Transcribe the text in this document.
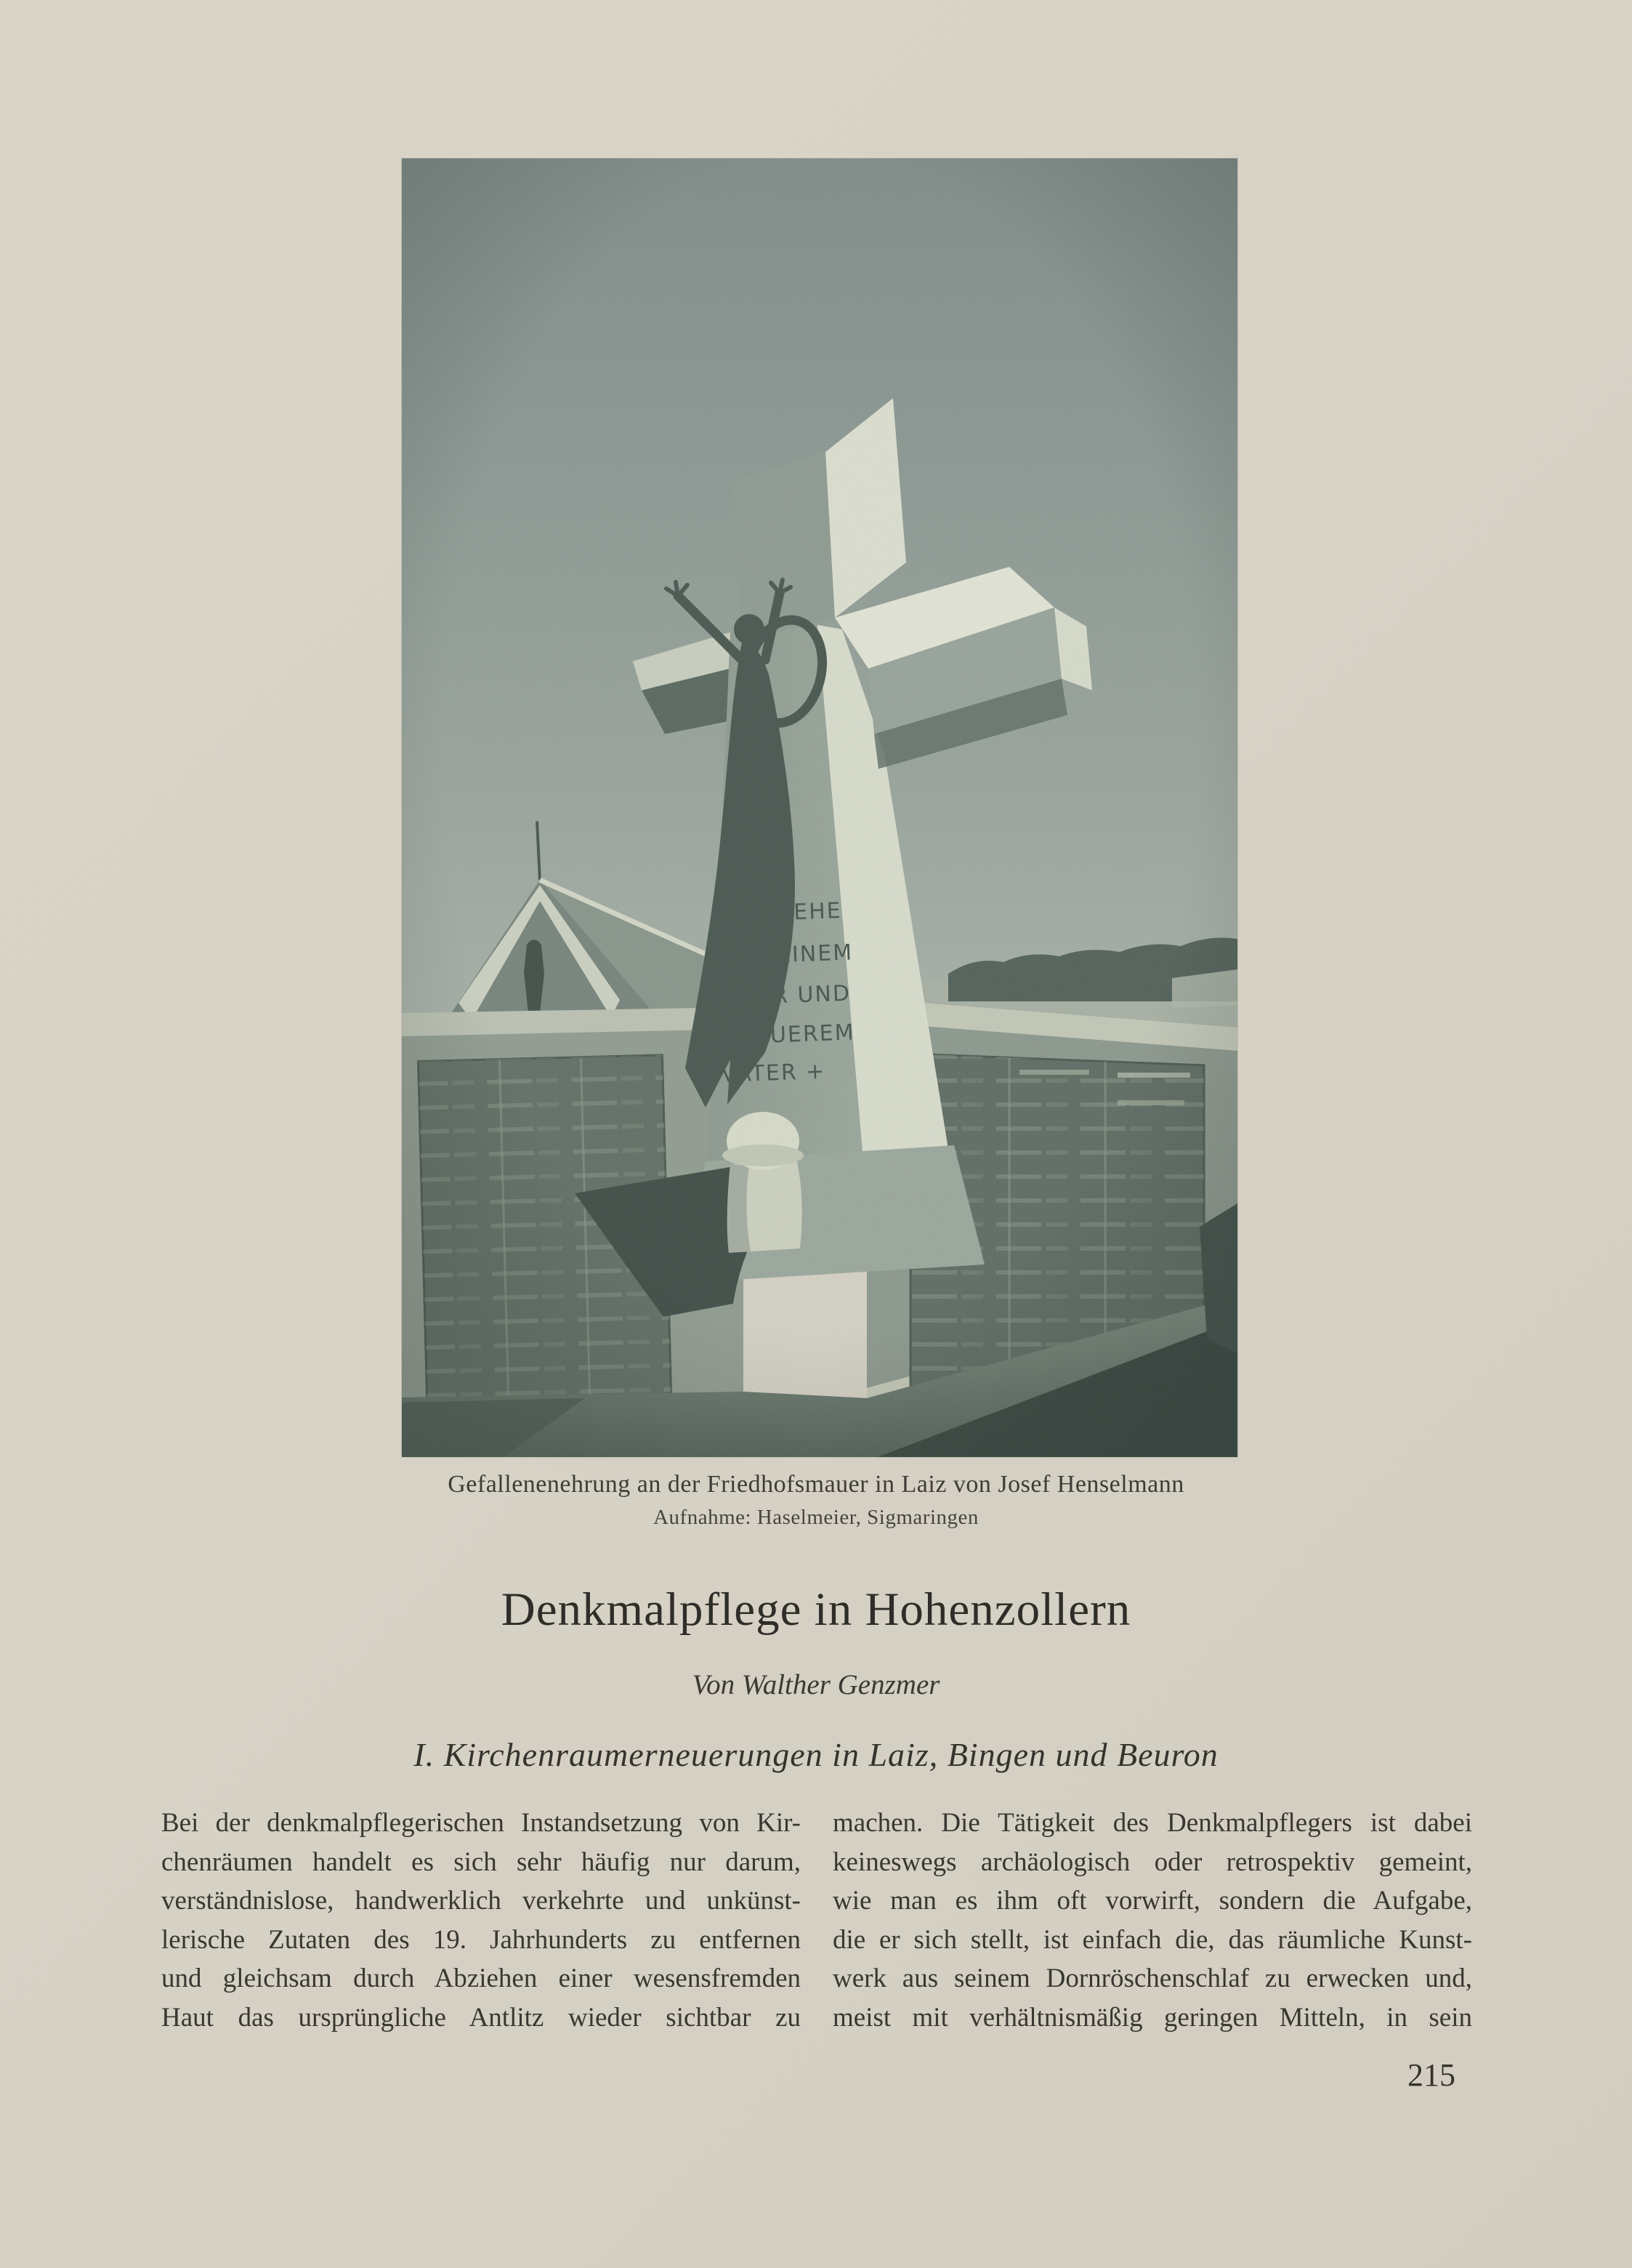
Gefallenenehrung an der Friedhofsmauer in Laiz von Josef Henselmann
Aufnahme: Haselmeier, Sigmaringen
Denkmalpflege in Hohenzollern
Von Walther Genzmer
I. Kirchenraumerneuerungen in Laiz, Bingen und Beuron
Bei der denkmalpflegerischen Instandsetzung von Kir-
chenräumen handelt es sich sehr häufig nur darum,
verständnislose, handwerklich verkehrte und unkünst-
lerische Zutaten des 19. Jahrhunderts zu entfernen
und gleichsam durch Abziehen einer wesensfremden
Haut das ursprüngliche Antlitz wieder sichtbar zu
machen. Die Tätigkeit des Denkmalpflegers ist dabei
keineswegs archäologisch oder retrospektiv gemeint,
wie man es ihm oft vorwirft, sondern die Aufgabe,
die er sich stellt, ist einfach die, das räumliche Kunst-
werk aus seinem Dornröschenschlaf zu erwecken und,
meist mit verhältnismäßig geringen Mitteln, in sein
215
